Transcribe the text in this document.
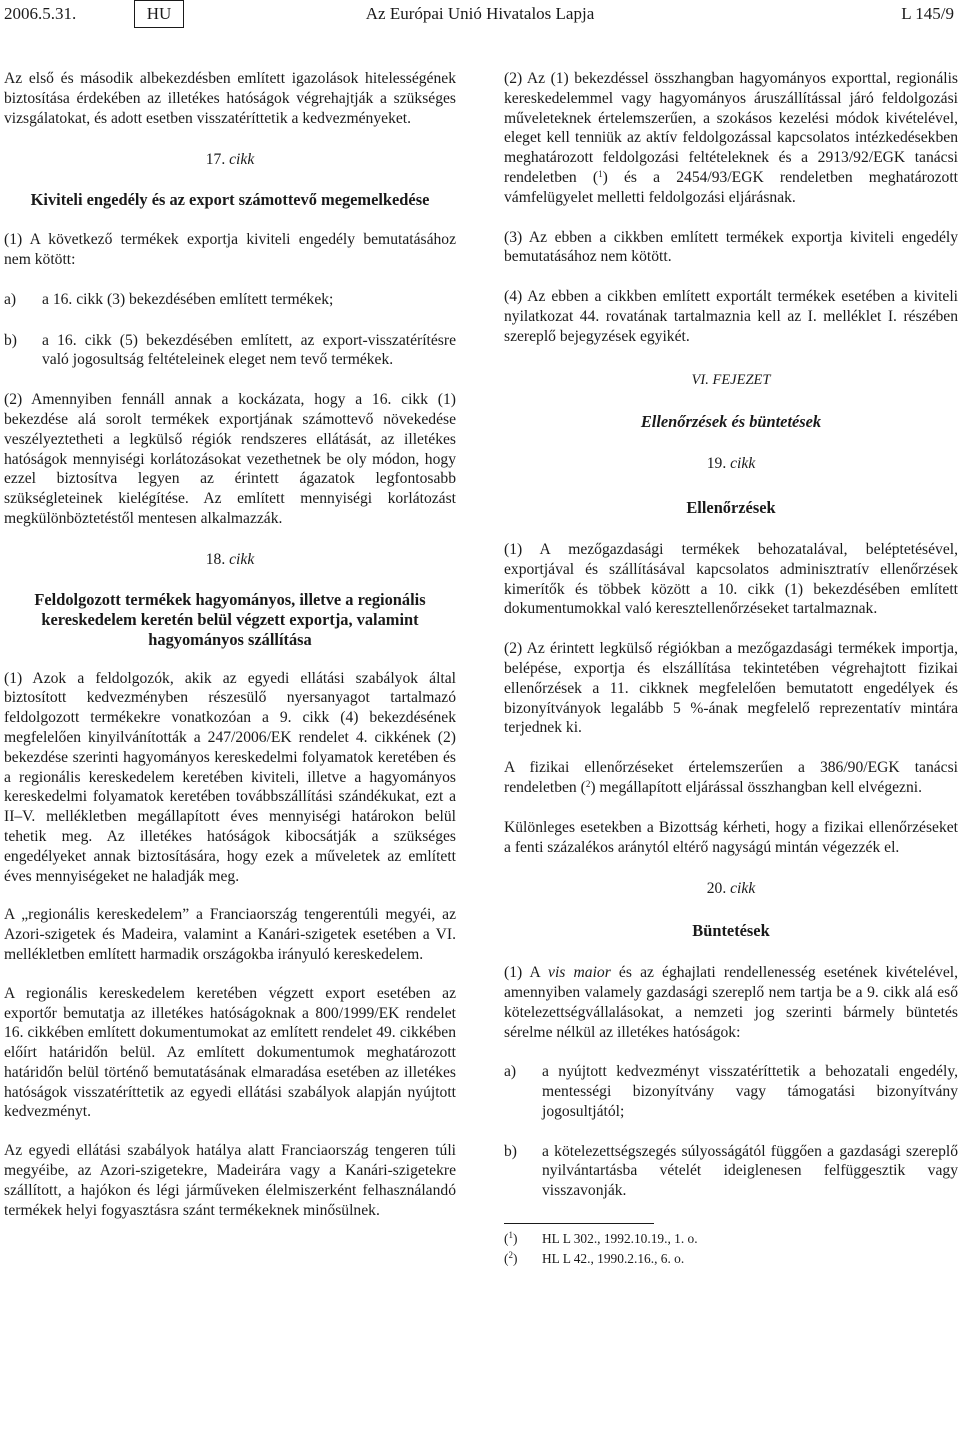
2006.5.31.	HU	Az Európai Unió Hivatalos Lapja	L 145/9

Az első és második albekezdésben említett igazolások hitelességének biztosítása érdekében az illetékes hatóságok végrehajtják a szükséges vizsgálatokat, és adott esetben visszatéríttetik a kedvezményeket.

17. cikk
Kiviteli engedély és az export számottevő megemelkedése

(1) A következő termékek exportja kiviteli engedély bemutatásához nem kötött:

a)	a 16. cikk (3) bekezdésében említett termékek;
b)	a 16. cikk (5) bekezdésében említett, az export-visszatérítésre való jogosultság feltételeinek eleget nem tevő termékek.

(2) Amennyiben fennáll annak a kockázata, hogy a 16. cikk (1) bekezdése alá sorolt termékek exportjának számottevő növekedése veszélyeztetheti a legkülső régiók rendszeres ellátását, az illetékes hatóságok mennyiségi korlátozásokat vezethetnek be oly módon, hogy ezzel biztosítva legyen az érintett ágazatok legfontosabb szükségleteinek kielégítése. Az említett mennyiségi korlátozást megkülönböztetéstől mentesen alkalmazzák.

18. cikk
Feldolgozott termékek hagyományos, illetve a regionális kereskedelem keretén belül végzett exportja, valamint hagyományos szállítása

(1) Azok a feldolgozók, akik az egyedi ellátási szabályok által biztosított kedvezményben részesülő nyersanyagot tartalmazó feldolgozott termékekre vonatkozóan a 9. cikk (4) bekezdésének megfelelően kinyilvánították a 247/2006/EK rendelet 4. cikkének (2) bekezdése szerinti hagyományos kereskedelmi folyamatok keretében és a regionális kereskedelem keretében kiviteli, illetve a hagyományos kereskedelmi folyamatok keretében továbbszállítási szándékukat, ezt a II–V. mellékletben megállapított éves mennyiségi határokon belül tehetik meg. Az illetékes hatóságok kibocsátják a szükséges engedélyeket annak biztosítására, hogy ezek a műveletek az említett éves mennyiségeket ne haladják meg.

A „regionális kereskedelem” a Franciaország tengerentúli megyéi, az Azori-szigetek és Madeira, valamint a Kanári-szigetek esetében a VI. mellékletben említett harmadik országokba irányuló kereskedelem.

A regionális kereskedelem keretében végzett export esetében az exportőr bemutatja az illetékes hatóságoknak a 800/1999/EK rendelet 16. cikkében említett dokumentumokat az említett rendelet 49. cikkében előírt határidőn belül. Az említett dokumentumok meghatározott határidőn belül történő bemutatásának elmaradása esetében az illetékes hatóságok visszatéríttetik az egyedi ellátási szabályok alapján nyújtott kedvezményt.

Az egyedi ellátási szabályok hatálya alatt Franciaország tengeren túli megyéibe, az Azori-szigetekre, Madeirára vagy a Kanári-szigetekre szállított, a hajókon és légi járműveken élelmiszerként felhasználandó termékek helyi fogyasztásra szánt termékeknek minősülnek.

(2) Az (1) bekezdéssel összhangban hagyományos exporttal, regionális kereskedelemmel vagy hagyományos áruszállítással járó feldolgozási műveleteknek értelemszerűen, a szokásos kezelési módok kivételével, eleget kell tenniük az aktív feldolgozással kapcsolatos intézkedésekben meghatározott feldolgozási feltételeknek és a 2913/92/EGK tanácsi rendeletben ($^1$) és a 2454/93/EGK rendeletben meghatározott vámfelügyelet melletti feldolgozási eljárásnak.

(3) Az ebben a cikkben említett termékek exportja kiviteli engedély bemutatásához nem kötött.

(4) Az ebben a cikkben említett exportált termékek esetében a kiviteli nyilatkozat 44. rovatának tartalmaznia kell az I. melléklet I. részében szereplő bejegyzések egyikét.

VI. FEJEZET
Ellenőrzések és büntetések
19. cikk
Ellenőrzések

(1) A mezőgazdasági termékek behozatalával, beléptetésével, exportjával és szállításával kapcsolatos adminisztratív ellenőrzések kimerítők és többek között a 10. cikk (1) bekezdésében említett dokumentumokkal való keresztellenőrzéseket tartalmaznak.

(2) Az érintett legkülső régiókban a mezőgazdasági termékek importja, belépése, exportja és elszállítása tekintetében végrehajtott fizikai ellenőrzések a 11. cikknek megfelelően bemutatott engedélyek és bizonyítványok legalább 5 %-ának megfelelő reprezentatív mintára terjednek ki.

A fizikai ellenőrzéseket értelemszerűen a 386/90/EGK tanácsi rendeletben ($^2$) megállapított eljárással összhangban kell elvégezni.

Különleges esetekben a Bizottság kérheti, hogy a fizikai ellenőrzéseket a fenti százalékos aránytól eltérő nagyságú mintán végezzék el.

20. cikk
Büntetések

(1) A vis maior és az éghajlati rendellenesség esetének kivételével, amennyiben valamely gazdasági szereplő nem tartja be a 9. cikk alá eső kötelezettségvállalásokat, a nemzeti jog szerinti bármely büntetés sérelme nélkül az illetékes hatóságok:

a)	a nyújtott kedvezményt visszatéríttetik a behozatali engedély, mentességi bizonyítvány vagy támogatási bizonyítvány jogosultjától;
b)	a kötelezettségszegés súlyosságától függően a gazdasági szereplő nyilvántartásba vételét ideiglenesen felfüggesztik vagy visszavonják.
($^1$)	HL L 302., 1992.10.19., 1. o.
($^2$)	HL L 42., 1990.2.16., 6. o.
